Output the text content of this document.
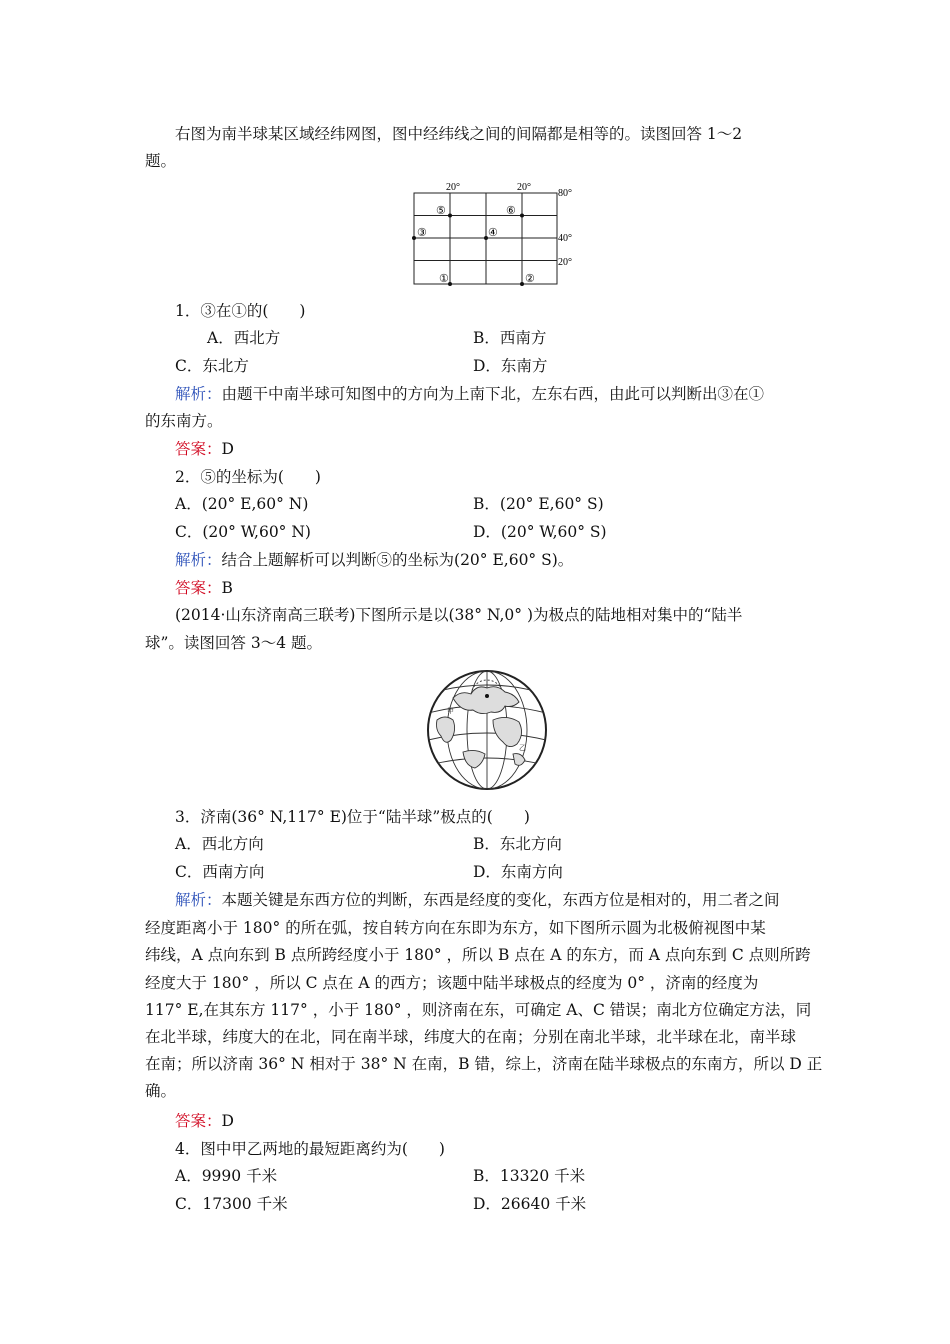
右图为南半球某区域经纬网图，图中经纬线之间的间隔都是相等的。读图回答 1～2
题。
20°	20°
80°
40°
20°
⑤	⑥
③	④
①	②
1．③在①的(　　)
A．西北方	B．西南方
C．东北方	D．东南方
解析：由题干中南半球可知图中的方向为上南下北，左东右西，由此可以判断出③在①
的东南方。
答案：D
2．⑤的坐标为(　　)
A．(20° E,60° N)	B．(20° E,60° S)
C．(20° W,60° N)	D．(20° W,60° S)
解析：结合上题解析可以判断⑤的坐标为(20° E,60° S)。
答案：B
(2014·山东济南高三联考)下图所示是以(38° N,0° )为极点的陆地相对集中的“陆半
球”。读图回答 3～4 题。
甲
乙
3．济南(36° N,117° E)位于“陆半球”极点的(　　)
A．西北方向	B．东北方向
C．西南方向	D．东南方向
解析：本题关键是东西方位的判断，东西是经度的变化，东西方位是相对的，用二者之间
经度距离小于 180° 的所在弧，按自转方向在东即为东方，如下图所示圆为北极俯视图中某
纬线，A 点向东到 B 点所跨经度小于 180° ，所以 B 点在 A 的东方，而 A 点向东到 C 点则所跨
经度大于 180° ，所以 C 点在 A 的西方；该题中陆半球极点的经度为 0° ，济南的经度为
117° E,在其东方 117° ，小于 180° ，则济南在东，可确定 A、C 错误；南北方位确定方法，同
在北半球，纬度大的在北，同在南半球，纬度大的在南；分别在南北半球，北半球在北，南半球
在南；所以济南 36° N 相对于 38° N 在南，B 错，综上，济南在陆半球极点的东南方，所以 D 正
确。
答案：D
4．图中甲乙两地的最短距离约为(　　)
A．9990 千米	B．13320 千米
C．17300 千米	D．26640 千米
